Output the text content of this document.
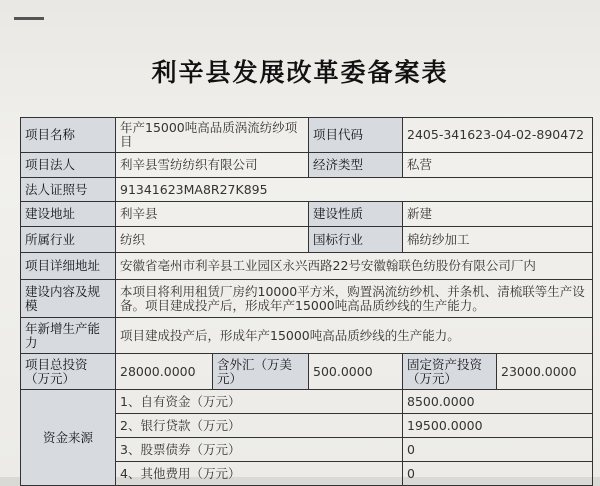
利辛县发展改革委备案表
项目名称	年产15000吨高品质涡流纺纱项目		项目代码	2405-341623-04-02-890472	
项目法人	利辛县雪纺纺织有限公司		经济类型	私营	
法人证照号	91341623MA8R27K895				
建设地址	利辛县		建设性质	新建	
所属行业	纺织		国标行业	棉纺纱加工	
项目详细地址	安徽省亳州市利辛县工业园区永兴西路22号安徽翰联色纺股份有限公司厂内				
建设内容及规模	本项目将利用租赁厂房约10000平方米，购置涡流纺纱机、并条机、清梳联等生产设备。项目建成投产后，形成年产15000吨高品质纱线的生产能力。				
年新增生产能力	项目建成投产后，形成年产15000吨高品质纱线的生产能力。				
项目总投资（万元）	28000.0000	含外汇（万美元）	500.0000	固定资产投资（万元）	23000.0000
资金来源	1、自有资金（万元）			8500.0000	
	2、银行贷款（万元）			19500.0000	
	3、股票债券（万元）			0	
	4、其他费用（万元）			0	
